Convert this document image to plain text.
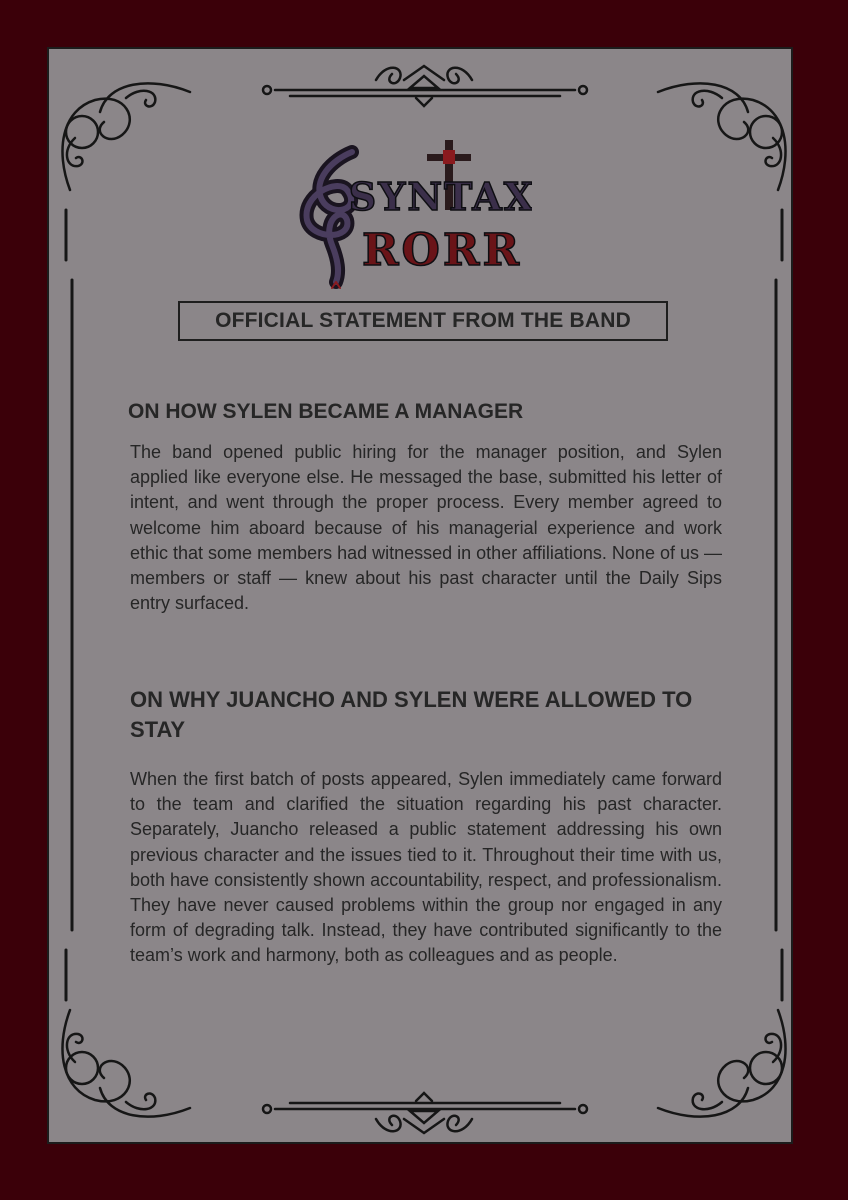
SYNTAX
RORR
OFFICIAL STATEMENT FROM THE BAND
ON HOW SYLEN BECAME A MANAGER

The band opened public hiring for the manager position, and Sylen applied like everyone else. He messaged the base, submitted his letter of intent, and went through the proper process. Every member agreed to welcome him aboard because of his managerial experience and work ethic that some members had witnessed in other affiliations. None of us — members or staff — knew about his past character until the Daily Sips entry surfaced.

ON WHY JUANCHO AND SYLEN WERE ALLOWED TO STAY

When the first batch of posts appeared, Sylen immediately came forward to the team and clarified the situation regarding his past character. Separately, Juancho released a public statement addressing his own previous character and the issues tied to it. Throughout their time with us, both have consistently shown accountability, respect, and professionalism. They have never caused problems within the group nor engaged in any form of degrading talk. Instead, they have contributed significantly to the team’s work and harmony, both as colleagues and as people.
